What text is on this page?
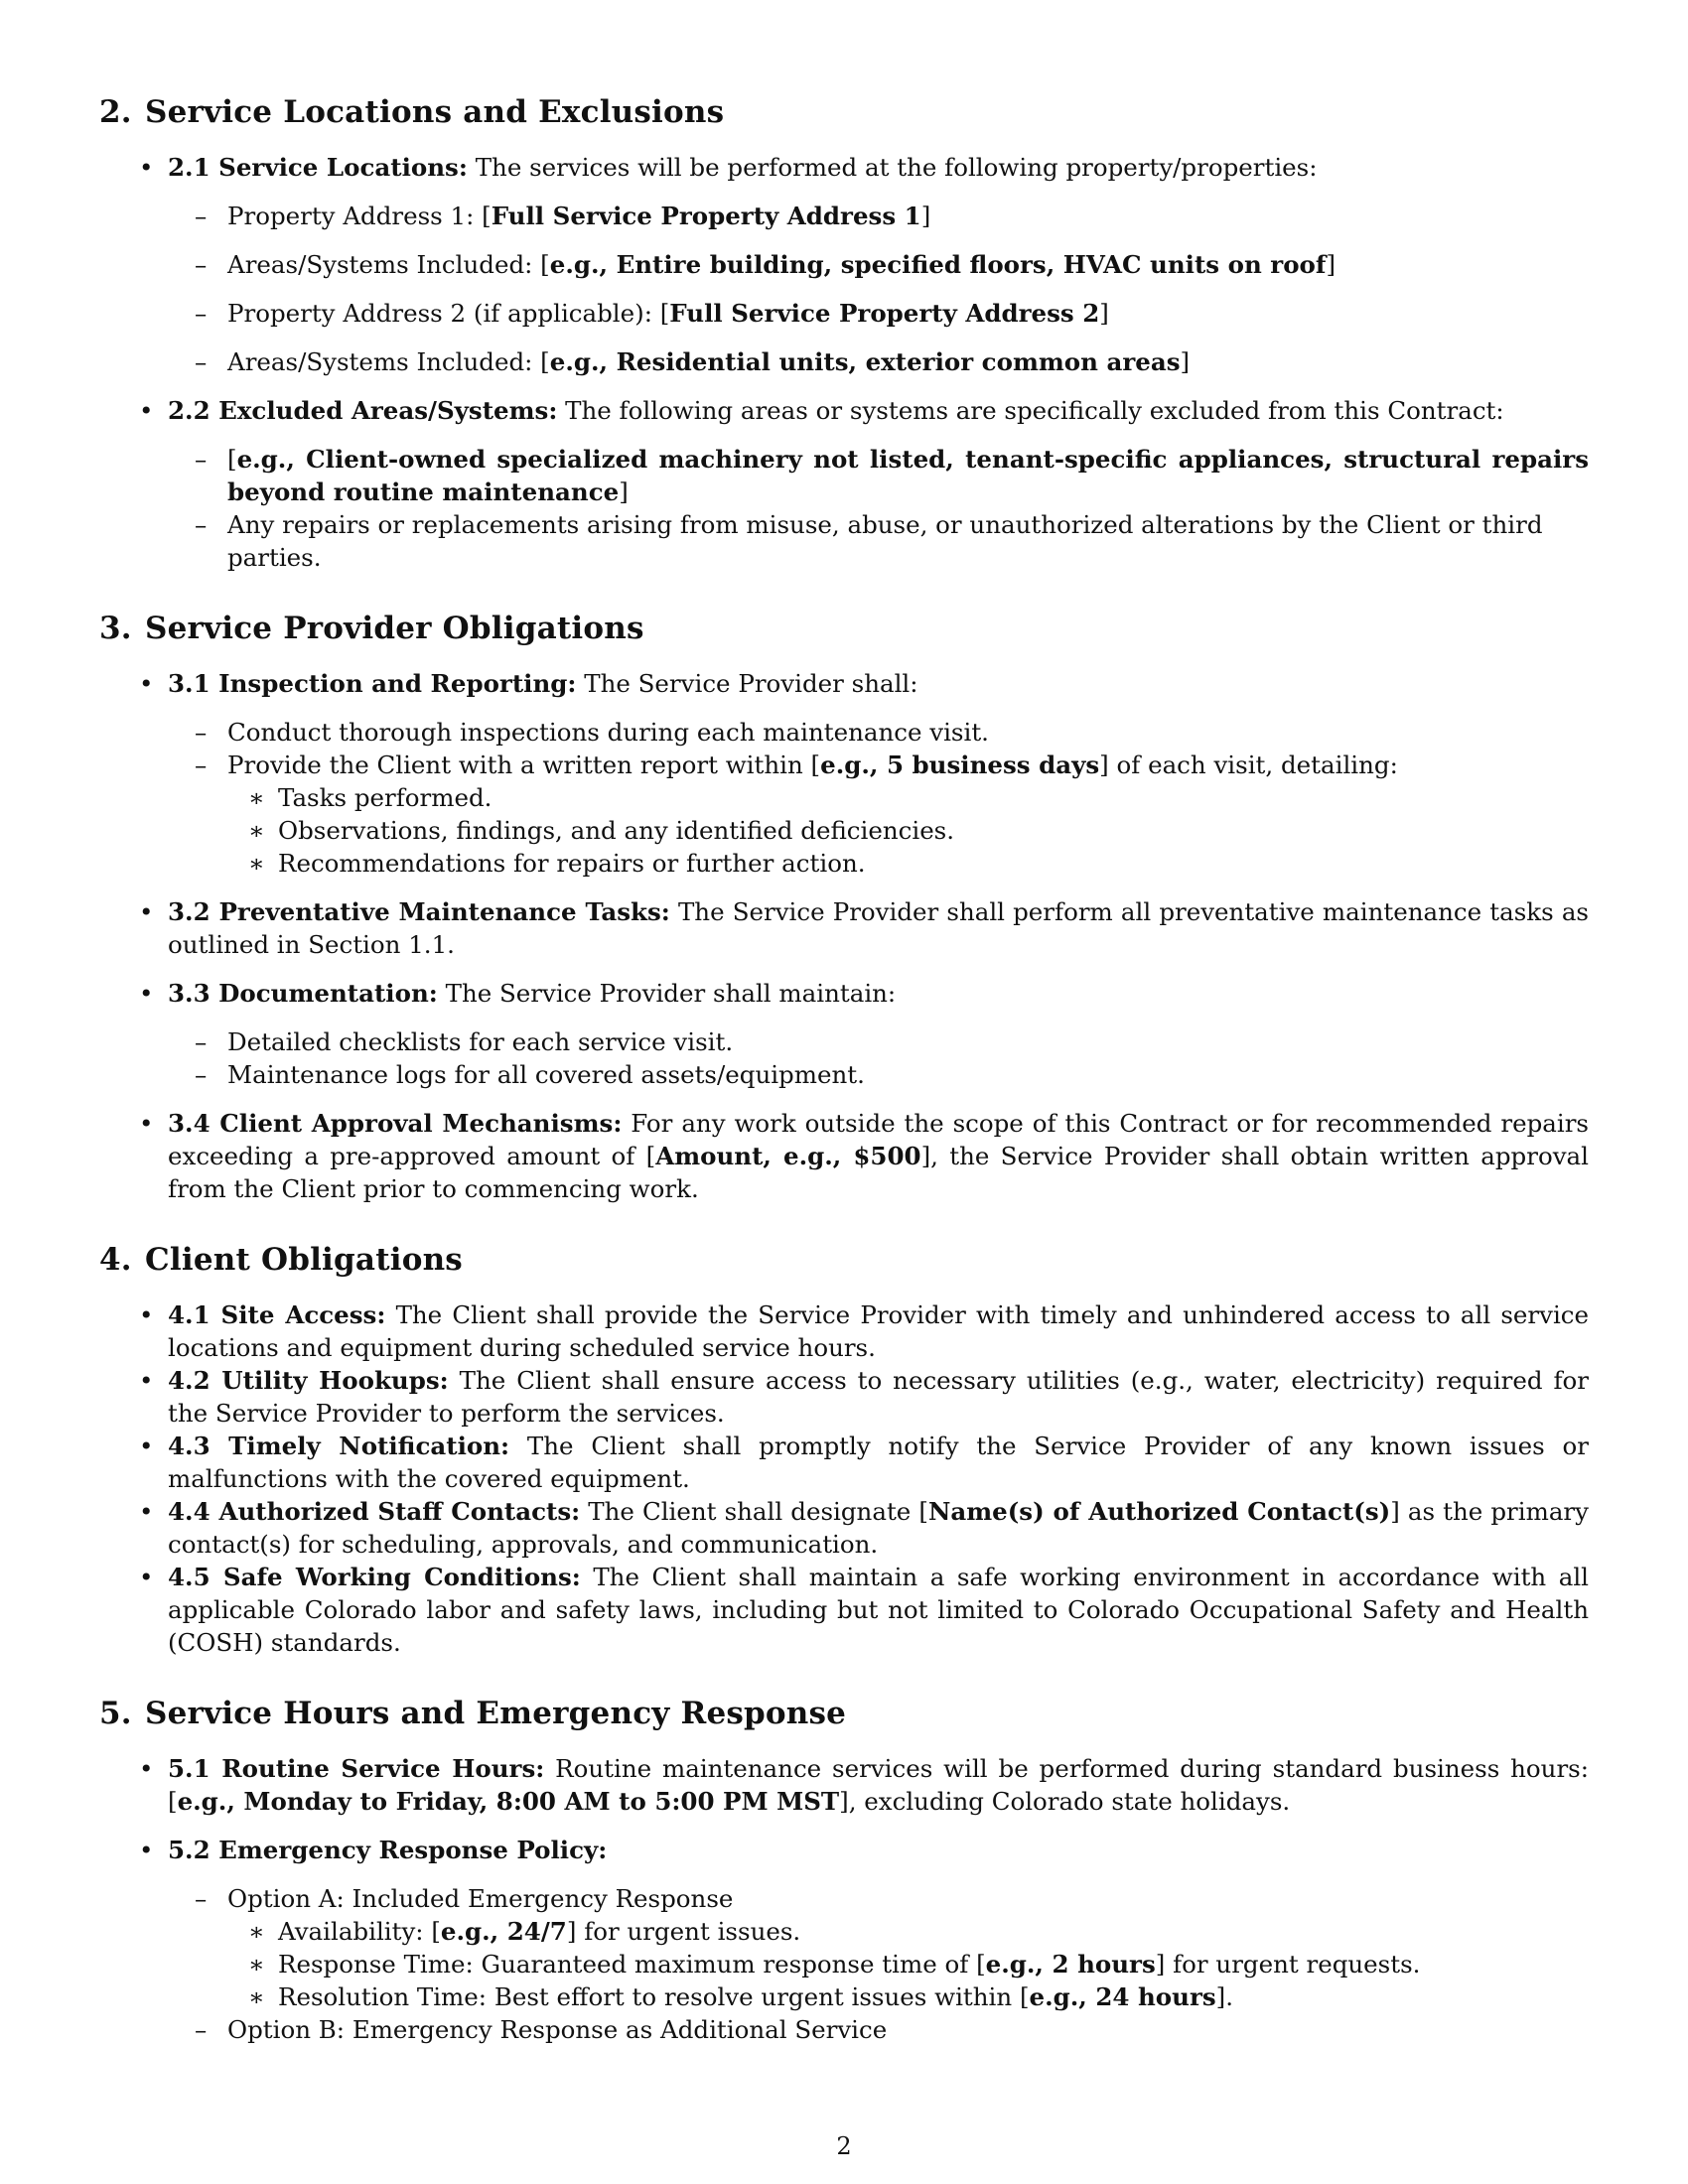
2. Service Locations and Exclusions
• 2.1 Service Locations: The services will be performed at the following property/properties:
– Property Address 1: [Full Service Property Address 1]
– Areas/Systems Included: [e.g., Entire building, specified floors, HVAC units on roof]
– Property Address 2 (if applicable): [Full Service Property Address 2]
– Areas/Systems Included: [e.g., Residential units, exterior common areas]
• 2.2 Excluded Areas/Systems: The following areas or systems are specifically excluded from this Contract:
– [e.g., Client-owned specialized machinery not listed, tenant-specific appliances, structural repairs beyond routine maintenance]
– Any repairs or replacements arising from misuse, abuse, or unauthorized alterations by the Client or third parties.
3. Service Provider Obligations
• 3.1 Inspection and Reporting: The Service Provider shall:
– Conduct thorough inspections during each maintenance visit.
– Provide the Client with a written report within [e.g., 5 business days] of each visit, detailing:
∗ Tasks performed.
∗ Observations, findings, and any identified deficiencies.
∗ Recommendations for repairs or further action.
• 3.2 Preventative Maintenance Tasks: The Service Provider shall perform all preventative maintenance tasks as outlined in Section 1.1.
• 3.3 Documentation: The Service Provider shall maintain:
– Detailed checklists for each service visit.
– Maintenance logs for all covered assets/equipment.
• 3.4 Client Approval Mechanisms: For any work outside the scope of this Contract or for recommended repairs exceeding a pre-approved amount of [Amount, e.g., $500], the Service Provider shall obtain written approval from the Client prior to commencing work.
4. Client Obligations
• 4.1 Site Access: The Client shall provide the Service Provider with timely and unhindered access to all service locations and equipment during scheduled service hours.
• 4.2 Utility Hookups: The Client shall ensure access to necessary utilities (e.g., water, electricity) required for the Service Provider to perform the services.
• 4.3 Timely Notification: The Client shall promptly notify the Service Provider of any known issues or malfunctions with the covered equipment.
• 4.4 Authorized Staff Contacts: The Client shall designate [Name(s) of Authorized Contact(s)] as the primary contact(s) for scheduling, approvals, and communication.
• 4.5 Safe Working Conditions: The Client shall maintain a safe working environment in accordance with all applicable Colorado labor and safety laws, including but not limited to Colorado Occupational Safety and Health (COSH) standards.
5. Service Hours and Emergency Response
• 5.1 Routine Service Hours: Routine maintenance services will be performed during standard business hours: [e.g., Monday to Friday, 8:00 AM to 5:00 PM MST], excluding Colorado state holidays.
• 5.2 Emergency Response Policy:
– Option A: Included Emergency Response
∗ Availability: [e.g., 24/7] for urgent issues.
∗ Response Time: Guaranteed maximum response time of [e.g., 2 hours] for urgent requests.
∗ Resolution Time: Best effort to resolve urgent issues within [e.g., 24 hours].
– Option B: Emergency Response as Additional Service
2
